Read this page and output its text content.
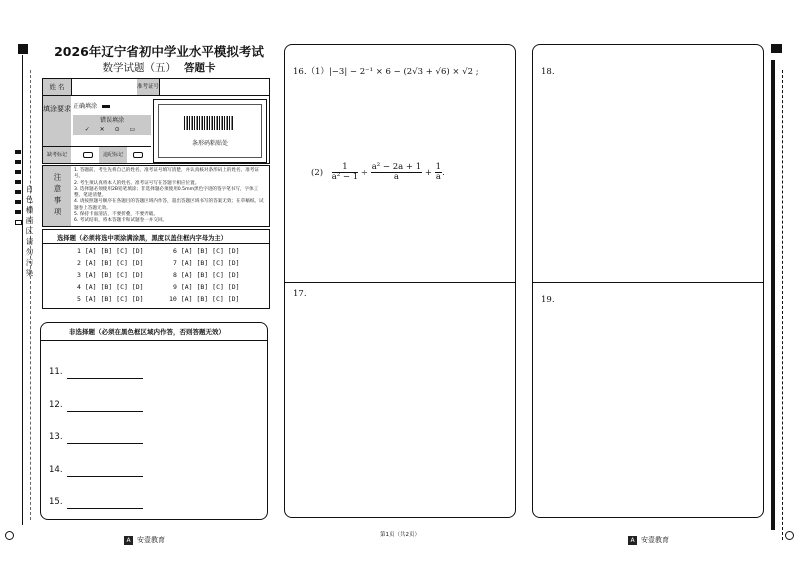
自色横画区请勿污染
2026年辽宁省初中学业水平模拟考试
数学试题（五） 答题卡
姓 名	准考证号
填涂要求 正确填涂
错误填涂
✓ ✕ ⊙ ▭
条形码粘贴处
缺考标记	违纪标记
注意事项
1. 答题前，考生先将自己的姓名、准考证号填写清楚，并认真核对条形码上的姓名、准考证号。
2. 考生须认真将本人的姓名、准考证号写在答题卡相应位置。
3. 选择题必须使用2B铅笔填涂；非选择题必须使用0.5mm黑色字迹的签字笔书写，字体工整、笔迹清楚。
4. 请按照题号顺序在各题目的答题区域内作答，超出答题区域书写的答案无效；在草稿纸、试题卷上答题无效。
5. 保持卡面清洁，不要折叠，不要弄破。
6. 考试结束，将本答题卡和试题卷一并交回。
选择题（必须将选中项涂满涂黑，黑度以盖住框内字母为主）
1 [A] [B] [C] [D]
2 [A] [B] [C] [D]
3 [A] [B] [C] [D]
4 [A] [B] [C] [D]
5 [A] [B] [C] [D]
6 [A] [B] [C] [D]
7 [A] [B] [C] [D]
8 [A] [B] [C] [D]
9 [A] [B] [C] [D]
10 [A] [B] [C] [D]
非选择题（必须在黑色框区域内作答，否则答题无效）
11.
12.
13.
14.
15.
16.（1）|−3| − 2⁻¹ × 6 − (2√3 + √6) × √2 ;
$(2) \frac{1}{\text{a² − 1}} \div \frac{\text{a² − 2a + 1}}{a} + \frac{1}{a}$ .
17.
18.
19.
A 安壹教育
第1页（共2页）
A 安壹教育
